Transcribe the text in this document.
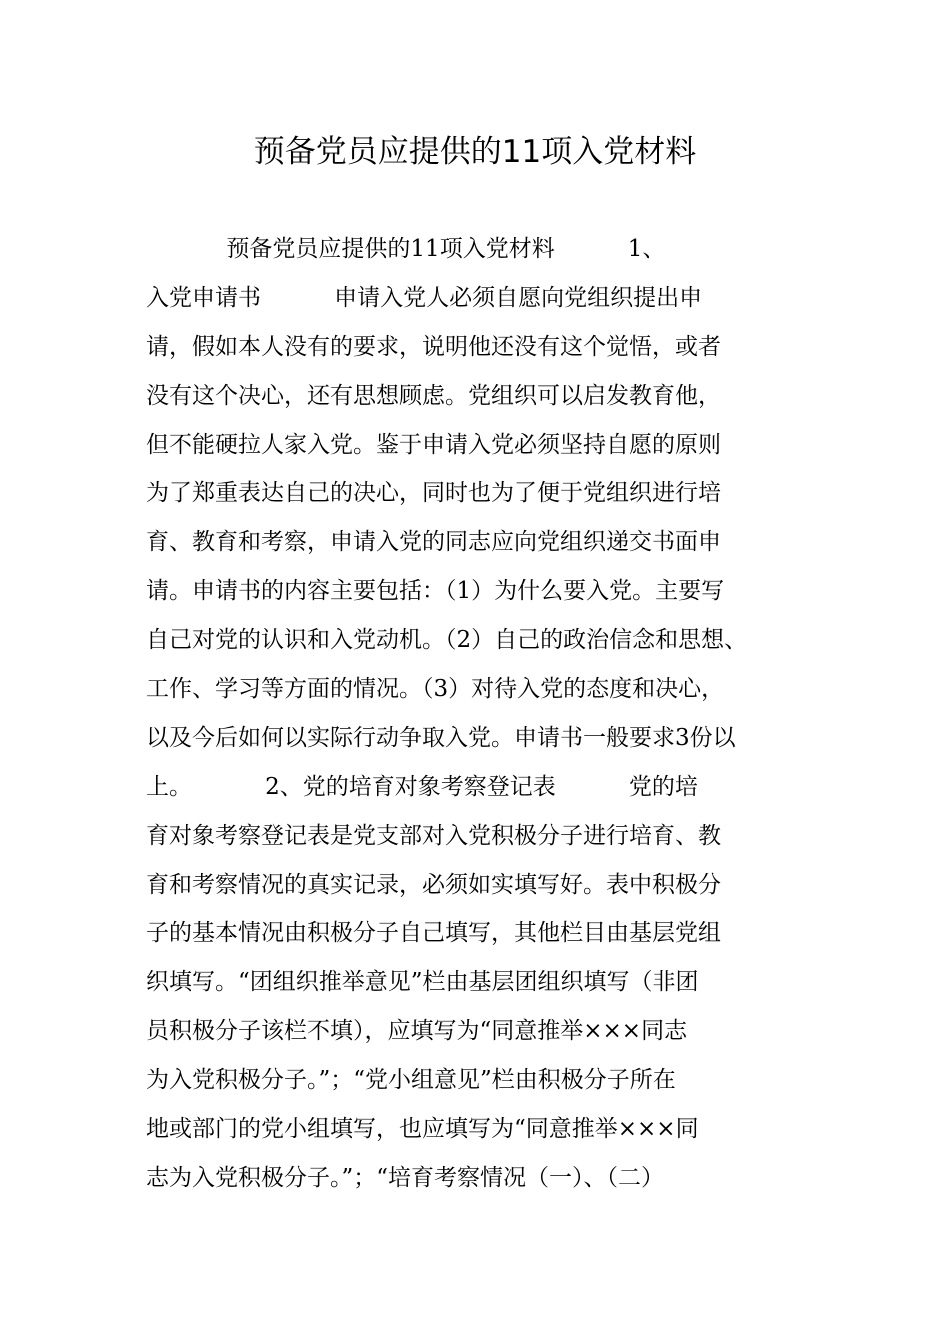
预备党员应提供的11项入党材料
预备党员应提供的11项入党材料          1、
入党申请书          申请入党人必须自愿向党组织提出申
请，假如本人没有的要求，说明他还没有这个觉悟，或者
没有这个决心，还有思想顾虑。党组织可以启发教育他，
但不能硬拉人家入党。鉴于申请入党必须坚持自愿的原则
为了郑重表达自己的决心，同时也为了便于党组织进行培
育、教育和考察，申请入党的同志应向党组织递交书面申
请。申请书的内容主要包括：（1）为什么要入党。主要写
自己对党的认识和入党动机。（2）自己的政治信念和思想、
工作、学习等方面的情况。（3）对待入党的态度和决心，
以及今后如何以实际行动争取入党。申请书一般要求3份以
上。          2、党的培育对象考察登记表          党的培
育对象考察登记表是党支部对入党积极分子进行培育、教
育和考察情况的真实记录，必须如实填写好。表中积极分
子的基本情况由积极分子自己填写，其他栏目由基层党组
织填写。“团组织推举意见”栏由基层团组织填写（非团
员积极分子该栏不填），应填写为“同意推举×××同志
为入党积极分子。”；“党小组意见”栏由积极分子所在
地或部门的党小组填写，也应填写为“同意推举×××同
志为入党积极分子。”；“培育考察情况（一）、（二）
